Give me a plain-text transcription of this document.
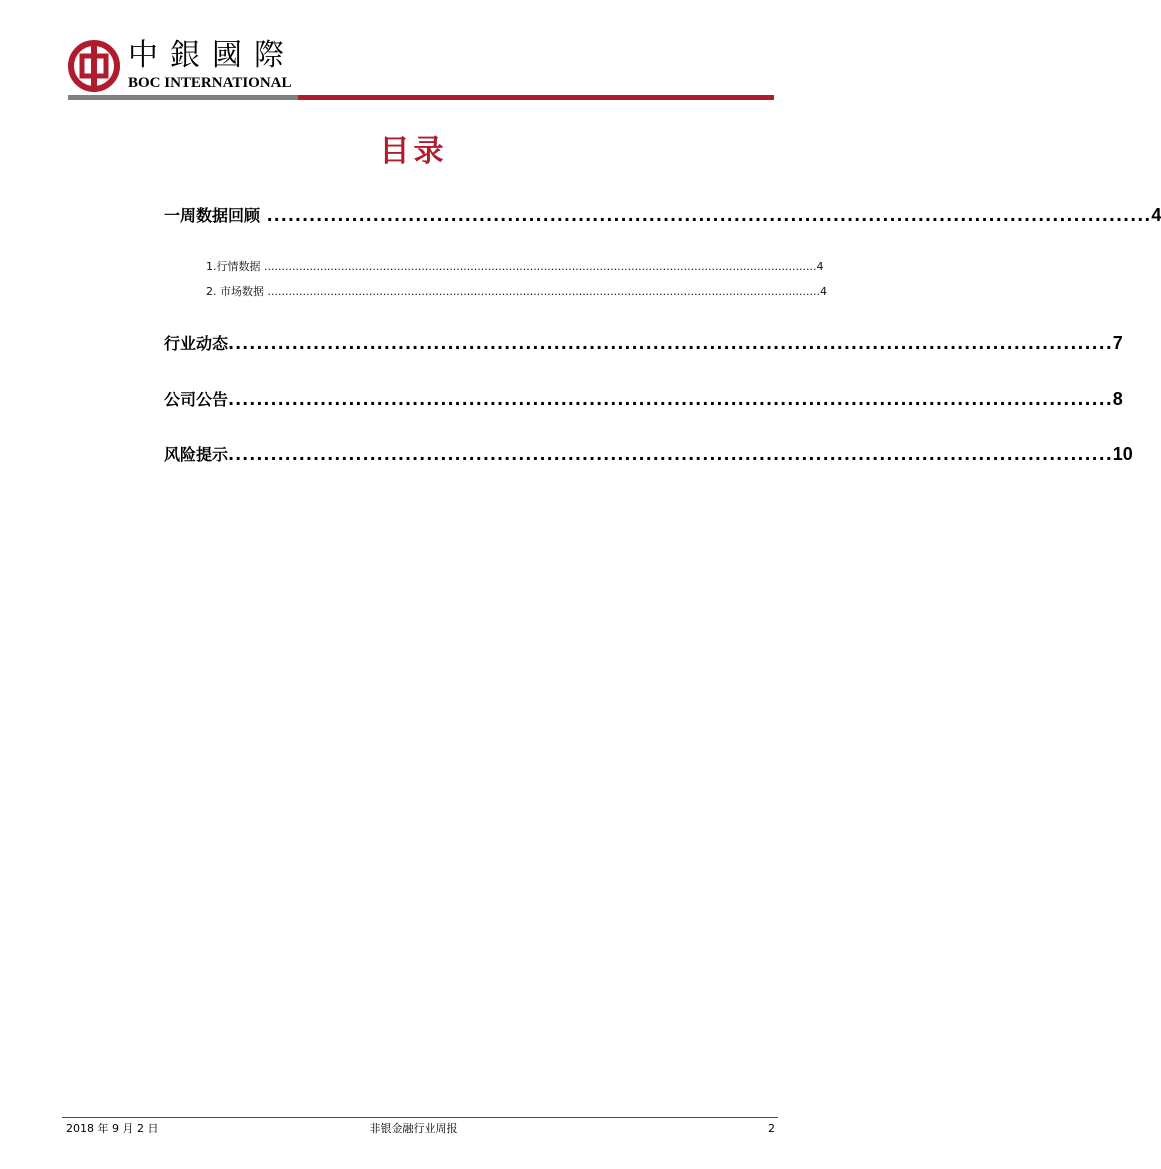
中銀國際
BOC INTERNATIONAL
目录
一周数据回顾 ............................................................................................................................. 4
1.行情数据 .............................................................................................................................................................. 4
2. 市场数据 .............................................................................................................................................................. 4
行业动态 ............................................................................................................................. 7
公司公告 ............................................................................................................................. 8
风险提示 ............................................................................................................................. 10
2018 年 9 月 2 日	非银金融行业周报	2
